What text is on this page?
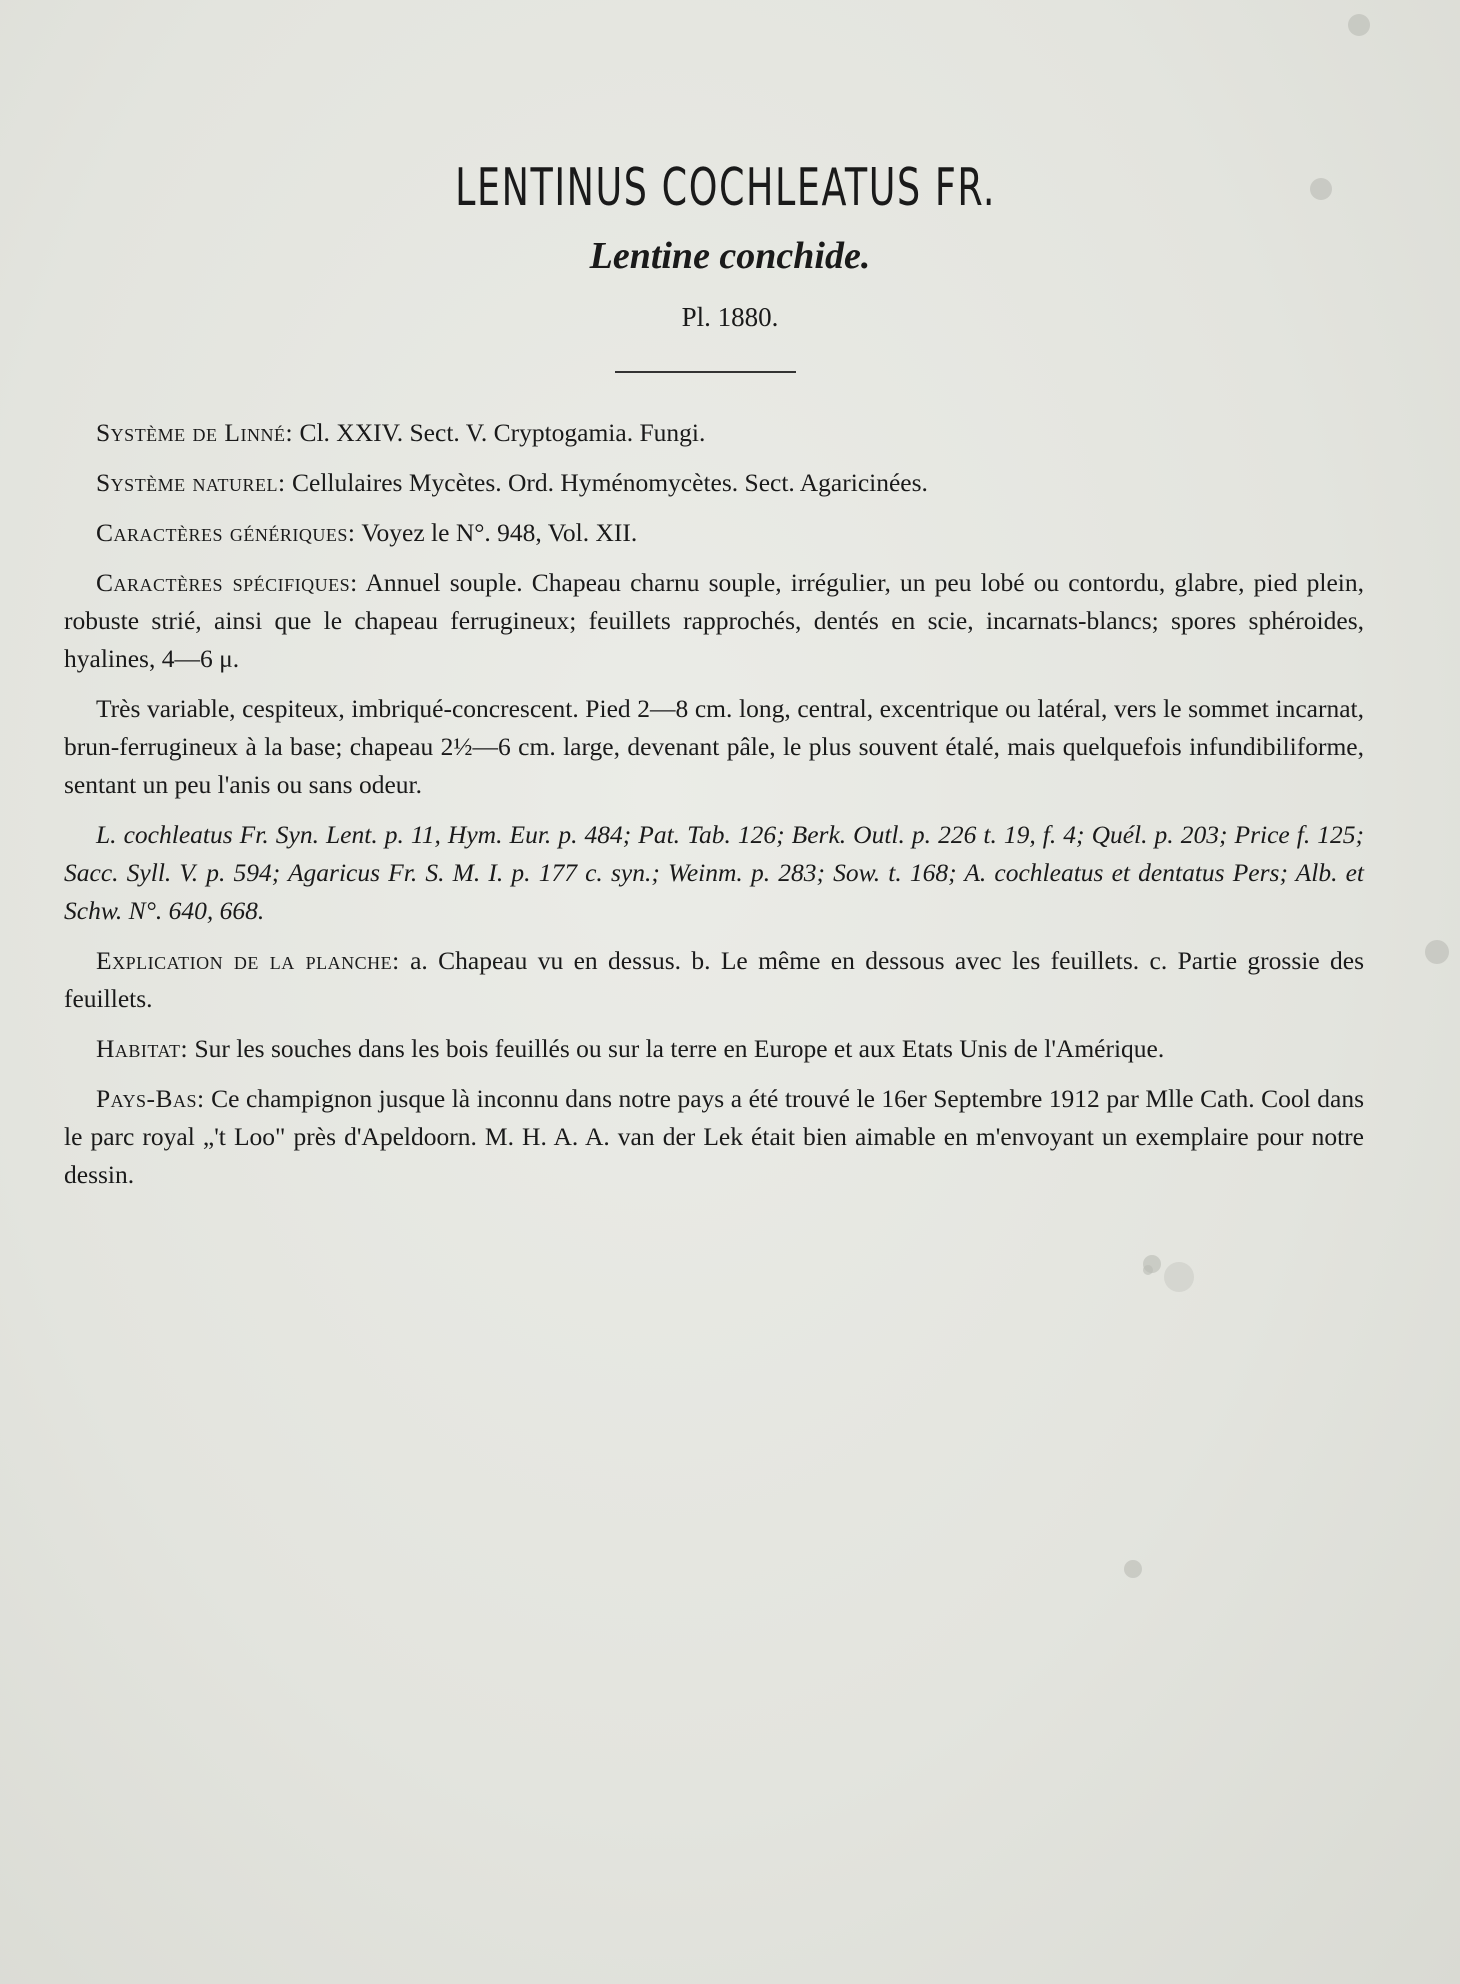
LENTINUS COCHLEATUS FR.
Lentine conchide.
Pl. 1880.

Système de Linné: Cl. XXIV. Sect. V. Cryptogamia. Fungi.

Système naturel: Cellulaires Mycètes. Ord. Hyménomycètes. Sect. Agaricinées.

Caractères génériques: Voyez le N°. 948, Vol. XII.

Caractères spécifiques: Annuel souple. Chapeau charnu souple, irrégulier, un peu lobé ou contordu, glabre, pied plein, robuste strié, ainsi que le chapeau ferrugineux; feuillets rapprochés, dentés en scie, incarnats-blancs; spores sphéroides, hyalines, 4—6 μ.

Très variable, cespiteux, imbriqué-concrescent. Pied 2—8 cm. long, central, excentrique ou latéral, vers le sommet incarnat, brun-ferrugineux à la base; chapeau 2½—6 cm. large, devenant pâle, le plus souvent étalé, mais quelquefois infundibiliforme, sentant un peu l'anis ou sans odeur.

L. cochleatus Fr. Syn. Lent. p. 11, Hym. Eur. p. 484; Pat. Tab. 126; Berk. Outl. p. 226 t. 19, f. 4; Quél. p. 203; Price f. 125; Sacc. Syll. V. p. 594; Agaricus Fr. S. M. I. p. 177 c. syn.; Weinm. p. 283; Sow. t. 168; A. cochleatus et dentatus Pers; Alb. et Schw. N°. 640, 668.

Explication de la planche: a. Chapeau vu en dessus. b. Le même en dessous avec les feuillets. c. Partie grossie des feuillets.

Habitat: Sur les souches dans les bois feuillés ou sur la terre en Europe et aux Etats Unis de l'Amérique.

Pays-Bas: Ce champignon jusque là inconnu dans notre pays a été trouvé le 16er Septembre 1912 par Mlle Cath. Cool dans le parc royal „'t Loo" près d'Apeldoorn. M. H. A. A. van der Lek était bien aimable en m'envoyant un exemplaire pour notre dessin.
